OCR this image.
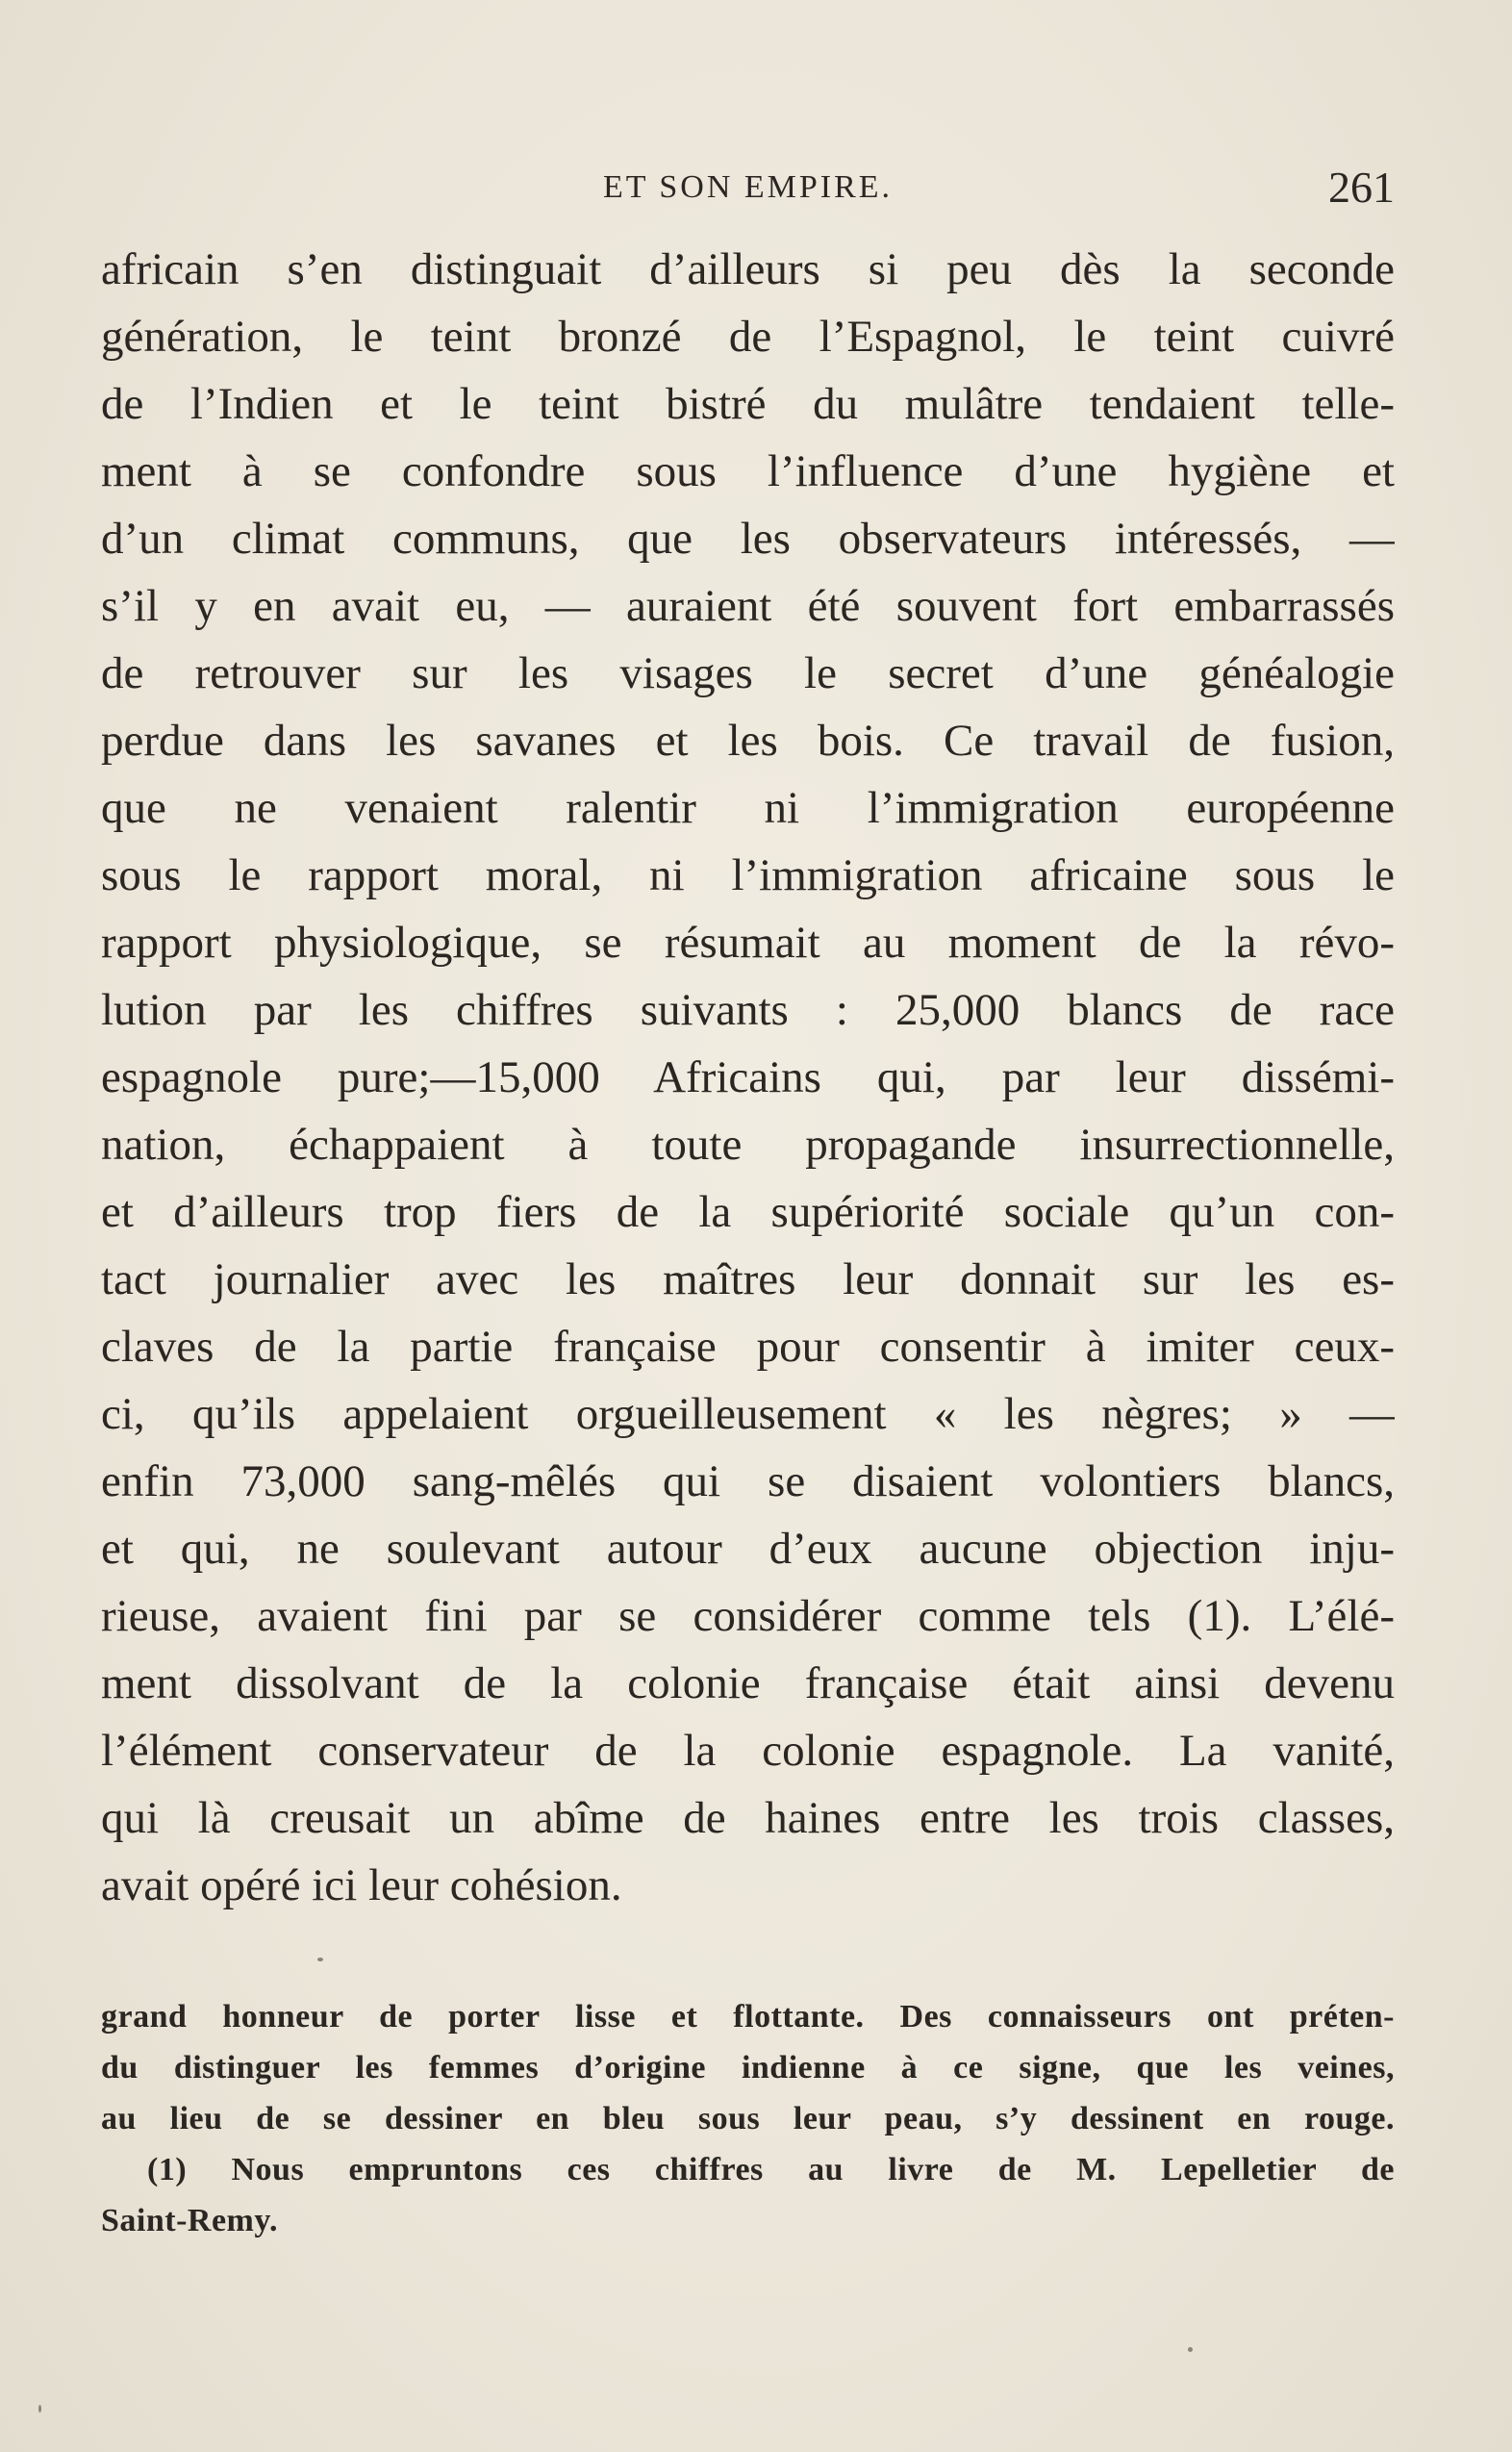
ET SON EMPIRE.	261
africain s’en distinguait d’ailleurs si peu dès la seconde
génération, le teint bronzé de l’Espagnol, le teint cuivré
de l’Indien et le teint bistré du mulâtre tendaient telle-
ment à se confondre sous l’influence d’une hygiène et
d’un climat communs, que les observateurs intéressés, —
s’il y en avait eu, — auraient été souvent fort embarrassés
de retrouver sur les visages le secret d’une généalogie
perdue dans les savanes et les bois. Ce travail de fusion,
que ne venaient ralentir ni l’immigration européenne
sous le rapport moral, ni l’immigration africaine sous le
rapport physiologique, se résumait au moment de la révo-
lution par les chiffres suivants : 25,000 blancs de race
espagnole pure;—15,000 Africains qui, par leur dissémi-
nation, échappaient à toute propagande insurrectionnelle,
et d’ailleurs trop fiers de la supériorité sociale qu’un con-
tact journalier avec les maîtres leur donnait sur les es-
claves de la partie française pour consentir à imiter ceux-
ci, qu’ils appelaient orgueilleusement « les nègres; » —
enfin 73,000 sang-mêlés qui se disaient volontiers blancs,
et qui, ne soulevant autour d’eux aucune objection inju-
rieuse, avaient fini par se considérer comme tels (1). L’élé-
ment dissolvant de la colonie française était ainsi devenu
l’élément conservateur de la colonie espagnole. La vanité,
qui là creusait un abîme de haines entre les trois classes,
avait opéré ici leur cohésion.
grand honneur de porter lisse et flottante. Des connaisseurs ont préten-
du distinguer les femmes d’origine indienne à ce signe, que les veines,
au lieu de se dessiner en bleu sous leur peau, s’y dessinent en rouge.
(1) Nous empruntons ces chiffres au livre de M. Lepelletier de
Saint-Remy.
